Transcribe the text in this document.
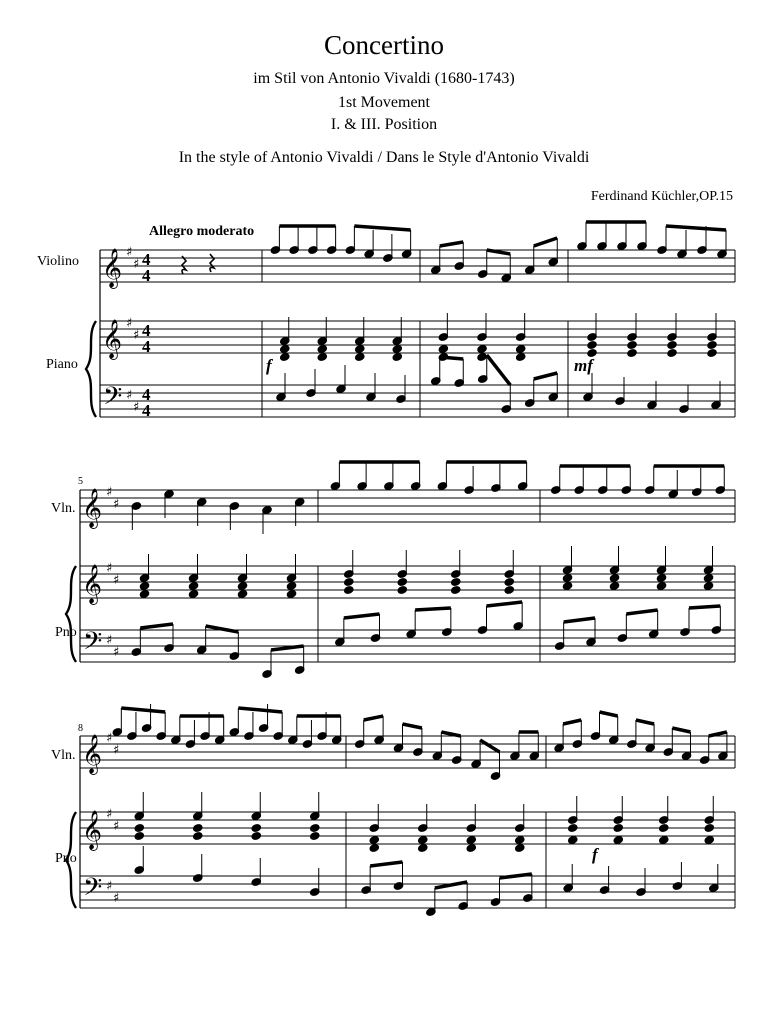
Concertino
im Stil von Antonio Vivaldi (1680-1743)
1st Movement
I. & III. Position
In the style of Antonio Vivaldi / Dans le Style d'Antonio Vivaldi
Ferdinand Küchler,OP.15
Allegro moderato
Violino
Piano
Vln.
Pno
Vln.
Pno
𝄞
𝄞
𝄢
♯
♯
♯
♯
♯
♯
4
4
4
4
4
4
𝄞
𝄞
𝄢
♯
♯
♯
♯
♯
♯
𝄞
𝄞
𝄢
♯
♯
♯
♯
♯
♯
5
8
f	mf
f
